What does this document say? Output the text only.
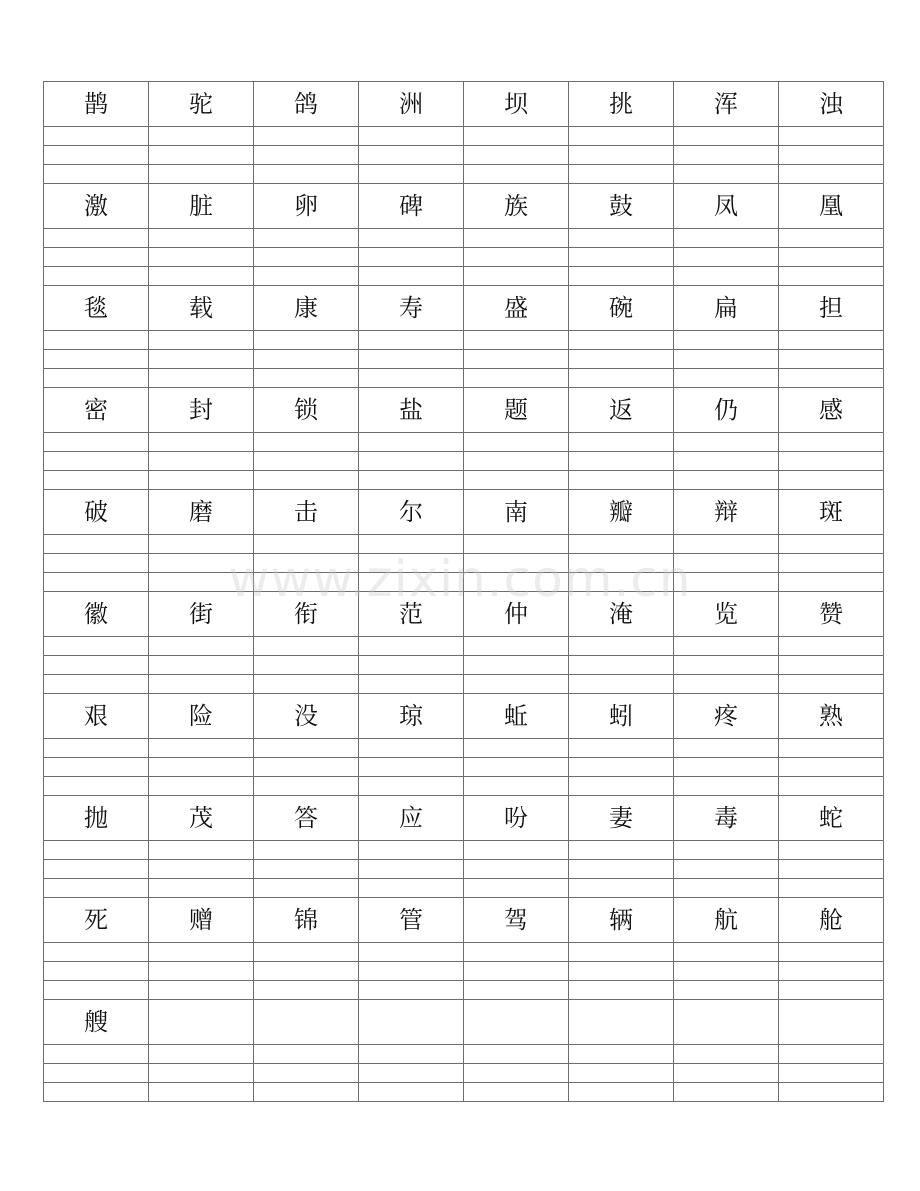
鹊	驼	鸽	洲	坝	挑	浑	浊

激	脏	卵	碑	族	鼓	凤	凰

毯	载	康	寿	盛	碗	扁	担

密	封	锁	盐	题	返	仍	感

破	磨	击	尔	南	瓣	辩	斑

徽	街	衔	范	仲	淹	览	赞

艰	险	没	琼	蚯	蚓	疼	熟

抛	茂	答	应	吩	妻	毒	蛇

死	赠	锦	管	驾	辆	航	舱

艘							

www.zixin.com.cn
